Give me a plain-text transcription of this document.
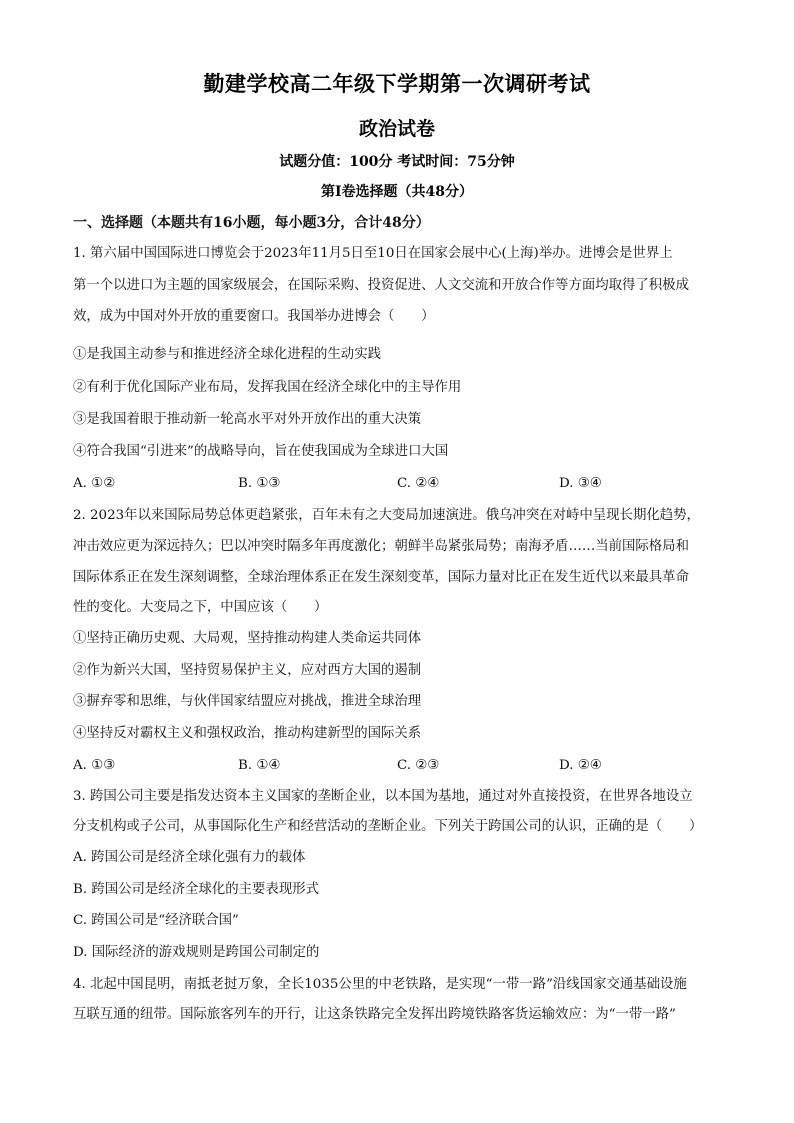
勤建学校高二年级下学期第一次调研考试
政治试卷
试题分值：100分 考试时间：75分钟
第Ⅰ卷选择题（共48分）
一、选择题（本题共有16小题，每小题3分，合计48分）
1. 第六届中国国际进口博览会于2023年11月5日至10日在国家会展中心(上海)举办。进博会是世界上
第一个以进口为主题的国家级展会，在国际采购、投资促进、人文交流和开放合作等方面均取得了积极成
效，成为中国对外开放的重要窗口。我国举办进博会（　　）
①是我国主动参与和推进经济全球化进程的生动实践
②有利于优化国际产业布局，发挥我国在经济全球化中的主导作用
③是我国着眼于推动新一轮高水平对外开放作出的重大决策
④符合我国“引进来”的战略导向，旨在使我国成为全球进口大国
A. ①②	B. ①③	C. ②④	D. ③④
2. 2023年以来国际局势总体更趋紧张，百年未有之大变局加速演进。俄乌冲突在对峙中呈现长期化趋势，
冲击效应更为深远持久；巴以冲突时隔多年再度激化；朝鲜半岛紧张局势；南海矛盾……当前国际格局和
国际体系正在发生深刻调整，全球治理体系正在发生深刻变革，国际力量对比正在发生近代以来最具革命
性的变化。大变局之下，中国应该（　　）
①坚持正确历史观、大局观，坚持推动构建人类命运共同体
②作为新兴大国，坚持贸易保护主义，应对西方大国的遏制
③摒弃零和思维，与伙伴国家结盟应对挑战，推进全球治理
④坚持反对霸权主义和强权政治，推动构建新型的国际关系
A. ①③	B. ①④	C. ②③	D. ②④
3. 跨国公司主要是指发达资本主义国家的垄断企业，以本国为基地，通过对外直接投资，在世界各地设立
分支机构或子公司，从事国际化生产和经营活动的垄断企业。下列关于跨国公司的认识，正确的是（　　）
A. 跨国公司是经济全球化强有力的载体
B. 跨国公司是经济全球化的主要表现形式
C. 跨国公司是“经济联合国”
D. 国际经济的游戏规则是跨国公司制定的
4. 北起中国昆明，南抵老挝万象，全长1035公里的中老铁路，是实现“一带一路”沿线国家交通基础设施
互联互通的纽带。国际旅客列车的开行，让这条铁路完全发挥出跨境铁路客货运输效应：为“一带一路”
